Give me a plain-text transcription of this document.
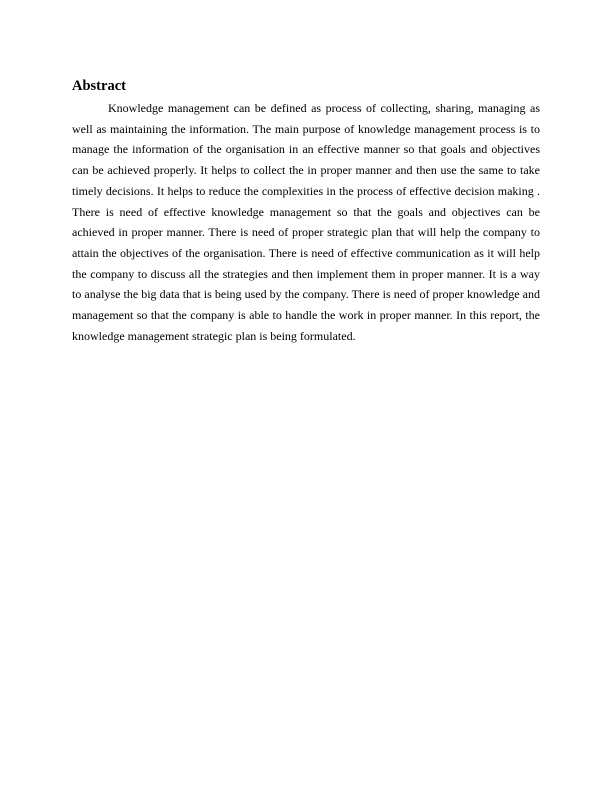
Abstract

Knowledge management can be defined as process of collecting, sharing, managing as well as maintaining the information. The main purpose of knowledge management process is to manage the information of the organisation in an effective manner so that goals and objectives can be achieved properly. It helps to collect the in proper manner and then use the same to take timely decisions. It helps to reduce the complexities in the process of effective decision making . There is need of effective knowledge management so that the goals and objectives can be achieved in proper manner. There is need of proper strategic plan that will help the company to attain the objectives of the organisation. There is need of effective communication as it will help the company to discuss all the strategies and then implement them in proper manner. It is a way to analyse the big data that is being used by the company. There is need of proper knowledge and management so that the company is able to handle the work in proper manner. In this report, the knowledge management strategic plan is being formulated.
